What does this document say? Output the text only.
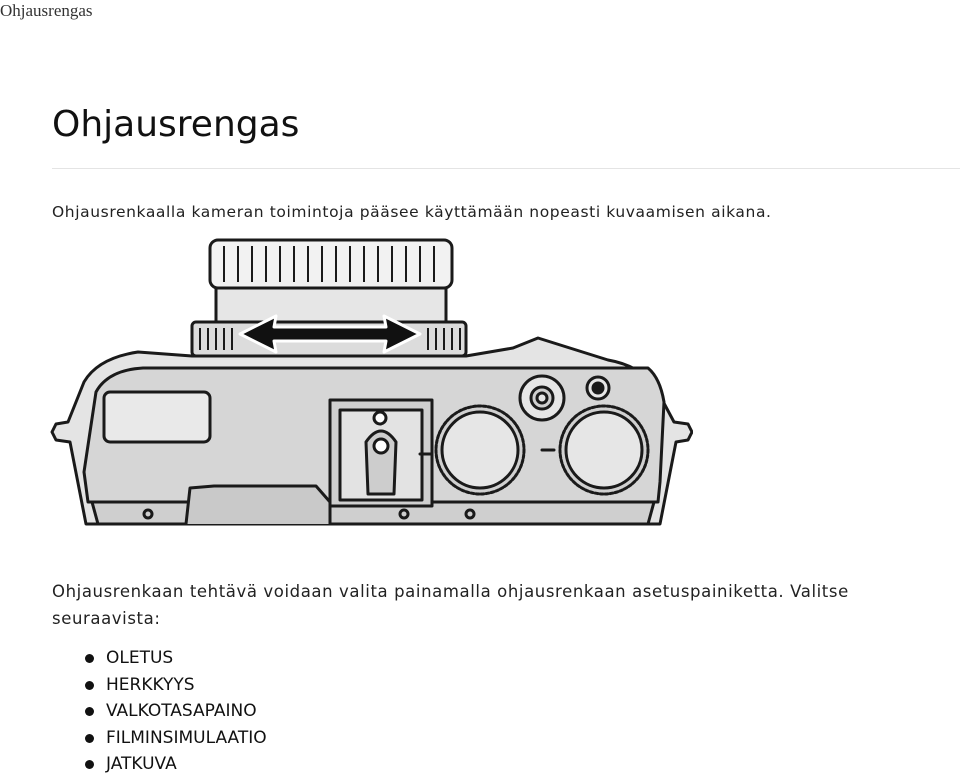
Ohjausrengas
Ohjausrengas

Ohjausrenkaalla kameran toimintoja pääsee käyttämään nopeasti kuvaamisen aikana.

Ohjausrenkaan tehtävä voidaan valita painamalla ohjausrenkaan asetuspainiketta. Valitse seuraavista:

OLETUS
HERKKYYS
VALKOTASAPAINO
FILMINSIMULAATIO
JATKUVA
